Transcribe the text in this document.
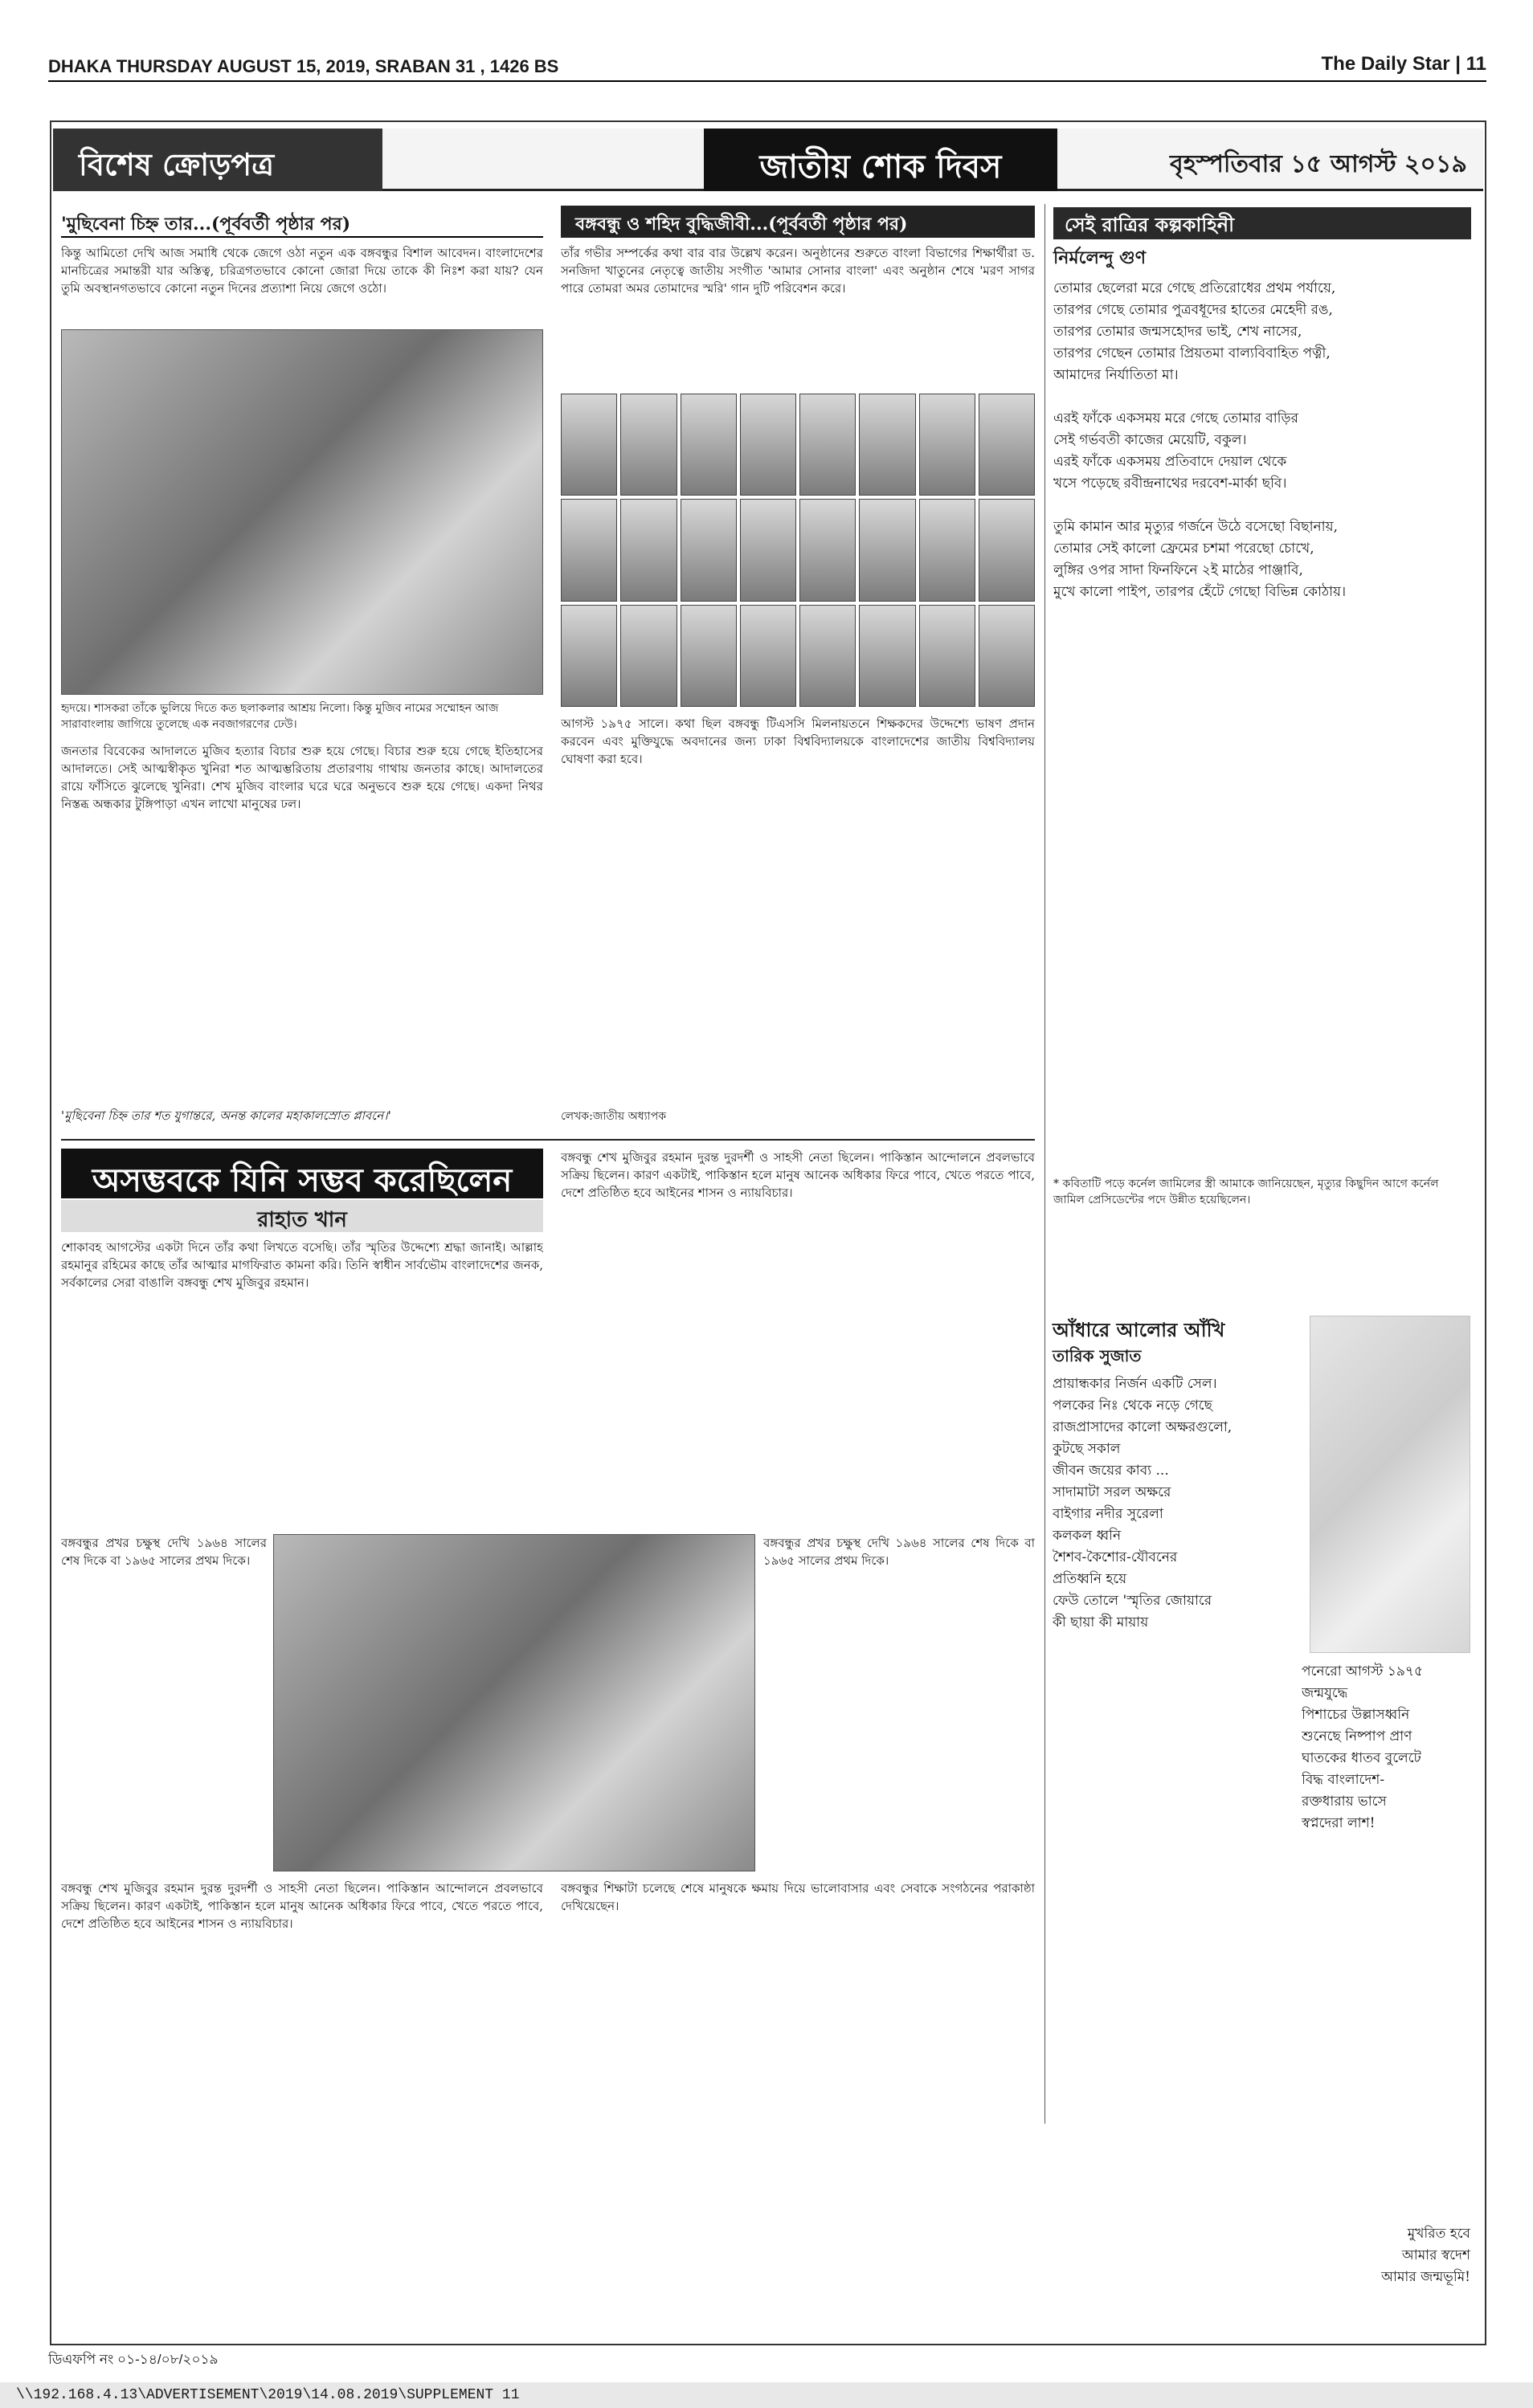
DHAKA THURSDAY AUGUST 15, 2019, SRABAN 31 , 1426 BS	The Daily Star | 11
বিশেষ ক্রোড়পত্র	জাতীয় শোক দিবস	বৃহস্পতিবার ১৫ আগস্ট ২০১৯
'মুছিবেনা চিহ্ন তার...(পূর্ববর্তী পৃষ্ঠার পর)
কিন্তু আমিতো দেখি আজ সমাধি থেকে জেগে ওঠা নতুন এক বঙ্গবন্ধুর বিশাল আবেদন। বাংলাদেশের মানচিত্রের সমান্তরী যার অস্তিত্ব, চরিত্রগতভাবে কোনো জোরা দিয়ে তাকে কী নিঃশ করা যায়? যেন তুমি অবস্থানগতভাবে কোনো নতুন দিনের প্রত্যাশা নিয়ে জেগে ওঠো।
হৃদয়ে। শাসকরা তাঁকে ভুলিয়ে দিতে কত ছলাকলার আশ্রয় নিলো। কিন্তু মুজিব নামের সম্মোহন আজ সারাবাংলায় জাগিয়ে তুলেছে এক নবজাগরণের ঢেউ।
জনতার বিবেকের আদালতে মুজিব হত্যার বিচার শুরু হয়ে গেছে। বিচার শুরু হয়ে গেছে ইতিহাসের আদালতে। সেই আত্মস্বীকৃত খুনিরা শত আত্মম্ভরিতায় প্রতারণায় গাথায় জনতার কাছে। আদালতের রায়ে ফাঁসিতে ঝুলেছে খুনিরা। শেখ মুজিব বাংলার ঘরে ঘরে অনুভবে শুরু হয়ে গেছে। একদা নিথর নিস্তব্ধ অন্ধকার টুঙ্গিপাড়া এখন লাখো মানুষের ঢল।
'মুছিবেনা চিহ্ন তার শত যুগান্তরে, অনন্ত কালের মহাকালস্রোত প্লাবনে।'
বঙ্গবন্ধু ও শহিদ বুদ্ধিজীবী...(পূর্ববর্তী পৃষ্ঠার পর)
তাঁর গভীর সম্পর্কের কথা বার বার উল্লেখ করেন। অনুষ্ঠানের শুরুতে বাংলা বিভাগের শিক্ষার্থীরা ড. সনজিদা খাতুনের নেতৃত্বে জাতীয় সংগীত 'আমার সোনার বাংলা' এবং অনুষ্ঠান শেষে 'মরণ সাগর পারে তোমরা অমর তোমাদের স্মরি' গান দুটি পরিবেশন করে।
আগস্ট ১৯৭৫ সালে। কথা ছিল বঙ্গবন্ধু টিএসসি মিলনায়তনে শিক্ষকদের উদ্দেশ্যে ভাষণ প্রদান করবেন এবং মুক্তিযুদ্ধে অবদানের জন্য ঢাকা বিশ্ববিদ্যালয়কে বাংলাদেশের জাতীয় বিশ্ববিদ্যালয় ঘোষণা করা হবে।
লেখক:জাতীয় অধ্যাপক
অসম্ভবকে যিনি সম্ভব করেছিলেন
রাহাত খান
শোকাবহ আগস্টের একটা দিনে তাঁর কথা লিখতে বসেছি। তাঁর স্মৃতির উদ্দেশ্যে শ্রদ্ধা জানাই। আল্লাহ রহমানুর রহিমের কাছে তাঁর আত্মার মাগফিরাত কামনা করি। তিনি স্বাধীন সার্বভৌম বাংলাদেশের জনক, সর্বকালের সেরা বাঙালি বঙ্গবন্ধু শেখ মুজিবুর রহমান।
বঙ্গবন্ধুর প্রখর চক্ষুস্থ দেখি ১৯৬৪ সালের শেষ দিকে বা ১৯৬৫ সালের প্রথম দিকে।
বঙ্গবন্ধু শেখ মুজিবুর রহমান দুরন্ত দুরদর্শী ও সাহসী নেতা ছিলেন। পাকিস্তান আন্দোলনে প্রবলভাবে সক্রিয় ছিলেন। কারণ একটাই, পাকিস্তান হলে মানুষ আনেক অধিকার ফিরে পাবে, খেতে পরতে পাবে, দেশে প্রতিষ্ঠিত হবে আইনের শাসন ও ন্যায়বিচার।
বঙ্গবন্ধু শেখ মুজিবুর রহমান দুরন্ত দুরদর্শী ও সাহসী নেতা ছিলেন। পাকিস্তান আন্দোলনে প্রবলভাবে সক্রিয় ছিলেন। কারণ একটাই, পাকিস্তান হলে মানুষ আনেক অধিকার ফিরে পাবে, খেতে পরতে পাবে, দেশে প্রতিষ্ঠিত হবে আইনের শাসন ও ন্যায়বিচার।
বঙ্গবন্ধুর প্রখর চক্ষুস্থ দেখি ১৯৬৪ সালের শেষ দিকে বা ১৯৬৫ সালের প্রথম দিকে।
বঙ্গবন্ধুর শিক্ষাটা চলেছে শেষে মানুষকে ক্ষমায় দিয়ে ভালোবাসার এবং সেবাকে সংগঠনের পরাকাষ্ঠা দেখিয়েছেন।
সেই রাত্রির কল্পকাহিনী
নির্মলেন্দু গুণ
তোমার ছেলেরা মরে গেছে প্রতিরোধের প্রথম পর্যায়ে,
তারপর গেছে তোমার পুত্রবধূদের হাতের মেহেদী রঙ,
তারপর তোমার জন্মসহোদর ভাই, শেখ নাসের,
তারপর গেছেন তোমার প্রিয়তমা বাল্যবিবাহিত পত্নী,
আমাদের নির্যাতিতা মা।

এরই ফাঁকে একসময় মরে গেছে তোমার বাড়ির
সেই গর্ভবতী কাজের মেয়েটি, বকুল।
এরই ফাঁকে একসময় প্রতিবাদে দেয়াল থেকে
খসে পড়েছে রবীন্দ্রনাথের দরবেশ-মার্কা ছবি।

তুমি কামান আর মৃত্যুর গর্জনে উঠে বসেছো বিছানায়,
তোমার সেই কালো ফ্রেমের চশমা পরেছো চোখে,
লুঙ্গির ওপর সাদা ফিনফিনে ২ই মাঠের পাঞ্জাবি,
মুখে কালো পাইপ, তারপর হেঁটে গেছো বিভিন্ন কোঠায়।
* কবিতাটি পড়ে কর্নেল জামিলের স্ত্রী আমাকে জানিয়েছেন, মৃত্যুর কিছুদিন আগে কর্নেল জামিল প্রেসিডেন্টের পদে উন্নীত হয়েছিলেন।
আঁধারে আলোর আঁখি
তারিক সুজাত
প্রায়ান্ধকার নির্জন একটি সেল।
পলকের নিঃ থেকে নড়ে গেছে
রাজপ্রাসাদের কালো অক্ষরগুলো,
কুটছে সকাল
জীবন জয়ের কাব্য ...
সাদামাটা সরল অক্ষরে
বাইগার নদীর সুরেলা
কলকল ধ্বনি
শৈশব-কৈশোর-যৌবনের
প্রতিধ্বনি হয়ে
ফেউ তোলে 'স্মৃতির জোয়ারে
কী ছায়া কী মায়ায়
পনেরো আগস্ট ১৯৭৫
জন্মযুদ্ধে
পিশাচের উল্লাসধ্বনি
শুনেছে নিষ্পাপ প্রাণ
ঘাতকের ধাতব বুলেটে
বিদ্ধ বাংলাদেশ-
রক্তধারায় ভাসে
স্বপ্নদেরা লাশ!
মুখরিত হবে
আমার স্বদেশ
আমার জন্মভূমি!
ডিএফপি নং ০১-১৪/০৮/২০১৯
\\192.168.4.13\ADVERTISEMENT\2019\14.08.2019\SUPPLEMENT 11
